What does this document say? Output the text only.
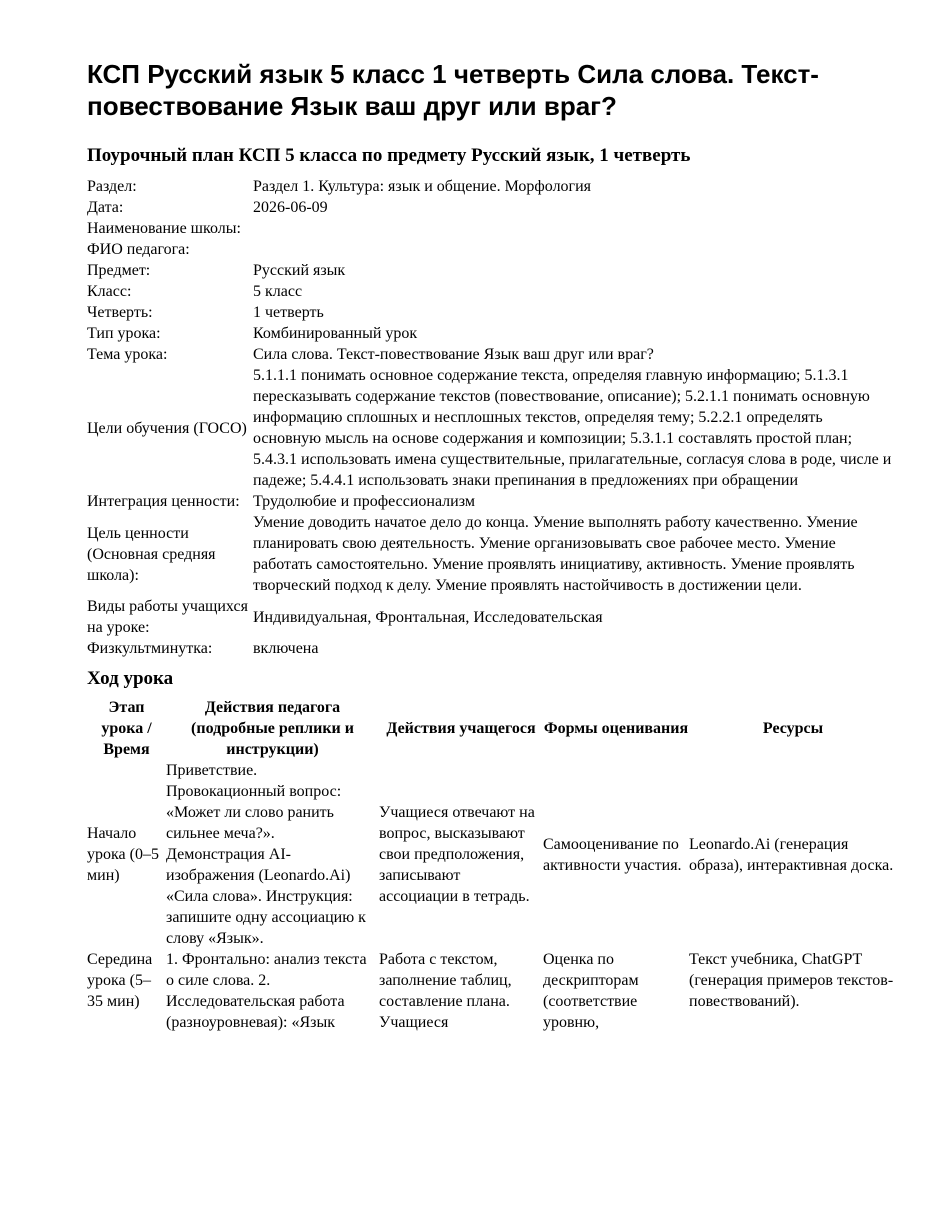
КСП Русский язык 5 класс 1 четверть Сила слова. Текст-повествование Язык ваш друг или враг?
Поурочный план КСП 5 класса по предмету Русский язык, 1 четверть
Раздел:	Раздел 1. Культура: язык и общение. Морфология
Дата:	2026-06-09
Наименование школы:	
ФИО педагога:	
Предмет:	Русский язык
Класс:	5 класс
Четверть:	1 четверть
Тип урока:	Комбинированный урок
Тема урока:	Сила слова. Текст-повествование Язык ваш друг или враг?
Цели обучения (ГОСО)	5.1.1.1 понимать основное содержание текста, определяя главную информацию; 5.1.3.1 пересказывать содержание текстов (повествование, описание); 5.2.1.1 понимать основную информацию сплошных и несплошных текстов, определяя тему; 5.2.2.1 определять основную мысль на основе содержания и композиции; 5.3.1.1 составлять простой план; 5.4.3.1 использовать имена существительные, прилагательные, согласуя слова в роде, числе и падеже; 5.4.4.1 использовать знаки препинания в предложениях при обращении
Интеграция ценности:	Трудолюбие и профессионализм
Цель ценности (Основная средняя школа):	Умение доводить начатое дело до конца. Умение выполнять работу качественно. Умение планировать свою деятельность. Умение организовывать свое рабочее место. Умение работать самостоятельно. Умение проявлять инициативу, активность. Умение проявлять творческий подход к делу. Умение проявлять настойчивость в достижении цели.
Виды работы учащихся на уроке:	Индивидуальная, Фронтальная, Исследовательская
Физкультминутка:	включена
Ход урока
Этап урока / Время	Действия педагога (подробные реплики и инструкции)	Действия учащегося	Формы оценивания	Ресурсы
Начало урока (0–5 мин)	Приветствие. Провокационный вопрос: «Может ли слово ранить сильнее меча?». Демонстрация AI-изображения (Leonardo.Ai) «Сила слова». Инструкция: запишите одну ассоциацию к слову «Язык».	Учащиеся отвечают на вопрос, высказывают свои предположения, записывают ассоциации в тетрадь.	Самооценивание по активности участия.	Leonardo.Ai (генерация образа), интерактивная доска.
Середина урока (5–35 мин)	1. Фронтально: анализ текста о силе слова. 2. Исследовательская работа (разноуровневая): «Язык	Работа с текстом, заполнение таблиц, составление плана. Учащиеся	Оценка по дескрипторам (соответствие уровню,	Текст учебника, ChatGPT (генерация примеров текстов-повествований).
